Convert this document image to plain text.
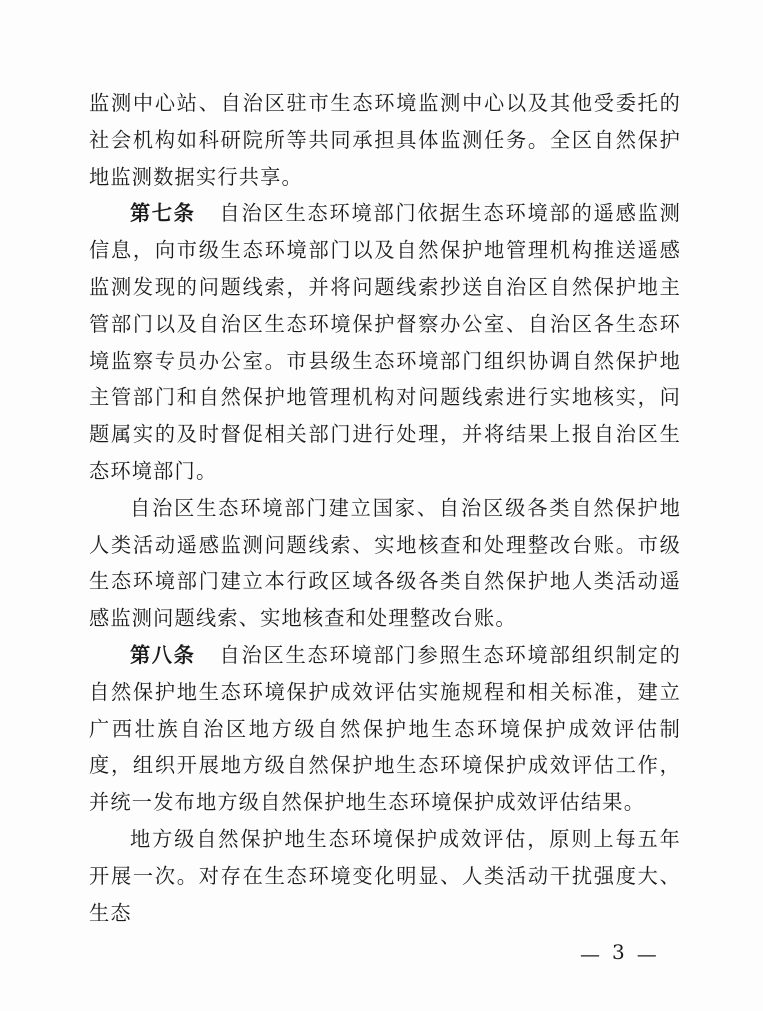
监测中心站、自治区驻市生态环境监测中心以及其他受委托的社会机构如科研院所等共同承担具体监测任务。全区自然保护地监测数据实行共享。

第七条 自治区生态环境部门依据生态环境部的遥感监测信息，向市级生态环境部门以及自然保护地管理机构推送遥感监测发现的问题线索，并将问题线索抄送自治区自然保护地主管部门以及自治区生态环境保护督察办公室、自治区各生态环境监察专员办公室。市县级生态环境部门组织协调自然保护地主管部门和自然保护地管理机构对问题线索进行实地核实，问题属实的及时督促相关部门进行处理，并将结果上报自治区生态环境部门。

自治区生态环境部门建立国家、自治区级各类自然保护地人类活动遥感监测问题线索、实地核查和处理整改台账。市级生态环境部门建立本行政区域各级各类自然保护地人类活动遥感监测问题线索、实地核查和处理整改台账。

第八条 自治区生态环境部门参照生态环境部组织制定的自然保护地生态环境保护成效评估实施规程和相关标准，建立广西壮族自治区地方级自然保护地生态环境保护成效评估制度，组织开展地方级自然保护地生态环境保护成效评估工作，并统一发布地方级自然保护地生态环境保护成效评估结果。

地方级自然保护地生态环境保护成效评估，原则上每五年开展一次。对存在生态环境变化明显、人类活动干扰强度大、生态

— 3 —
